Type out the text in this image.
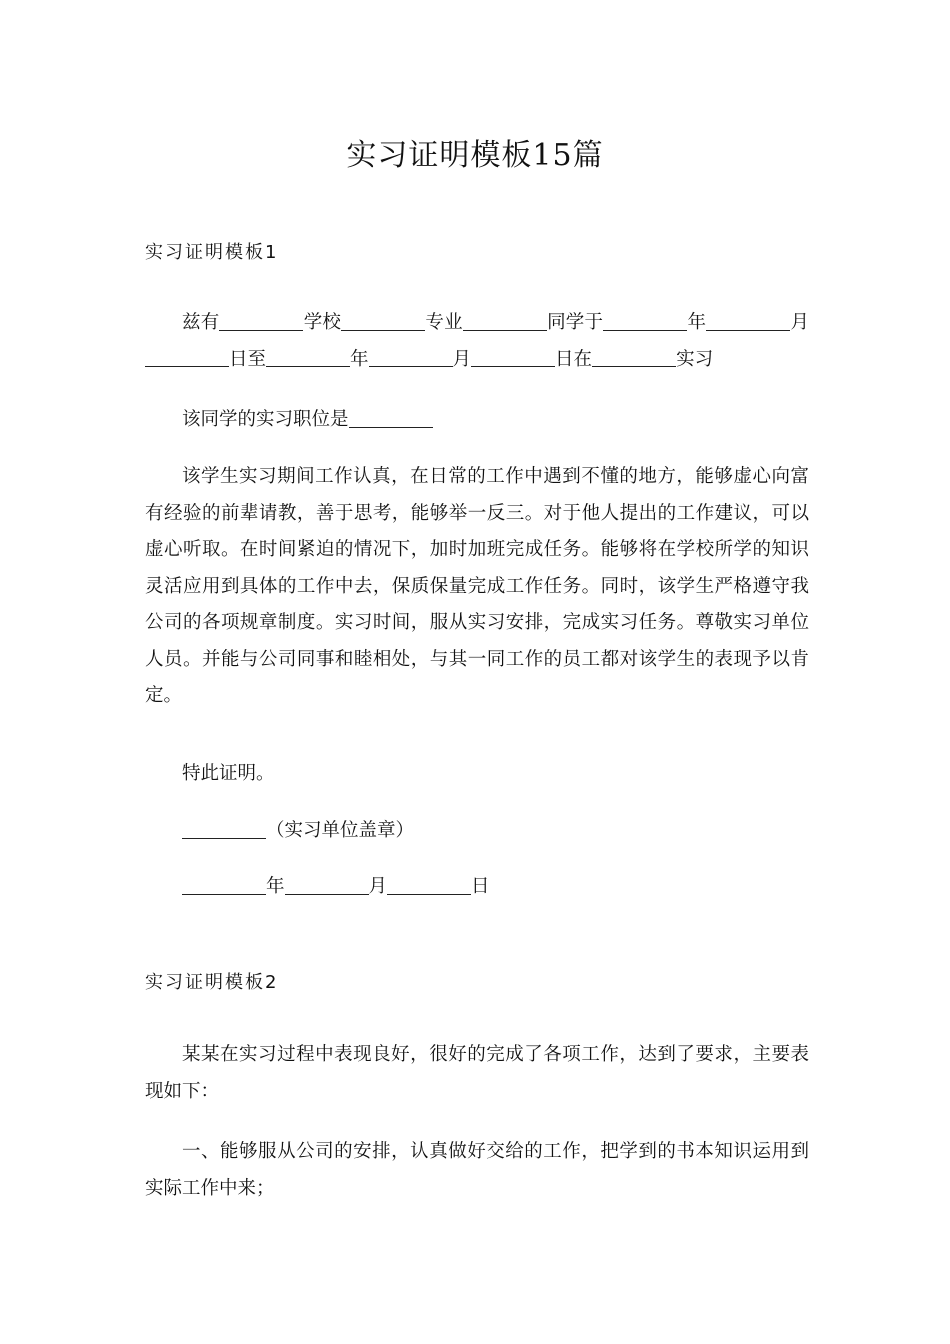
实习证明模板15篇
实习证明模板1

兹有	学校	专业	同学于	年	月日至	年	月	日在	实习

该同学的实习职位是

该学生实习期间工作认真，在日常的工作中遇到不懂的地方，能够虚心向富有经验的前辈请教，善于思考，能够举一反三。对于他人提出的工作建议，可以虚心听取。在时间紧迫的情况下，加时加班完成任务。能够将在学校所学的知识灵活应用到具体的工作中去，保质保量完成工作任务。同时，该学生严格遵守我公司的各项规章制度。实习时间，服从实习安排，完成实习任务。尊敬实习单位人员。并能与公司同事和睦相处，与其一同工作的员工都对该学生的表现予以肯定。

特此证明。
（实习单位盖章）
年	月	日
实习证明模板2

某某在实习过程中表现良好，很好的完成了各项工作，达到了要求，主要表现如下：

一、能够服从公司的安排，认真做好交给的工作，把学到的书本知识运用到实际工作中来；
